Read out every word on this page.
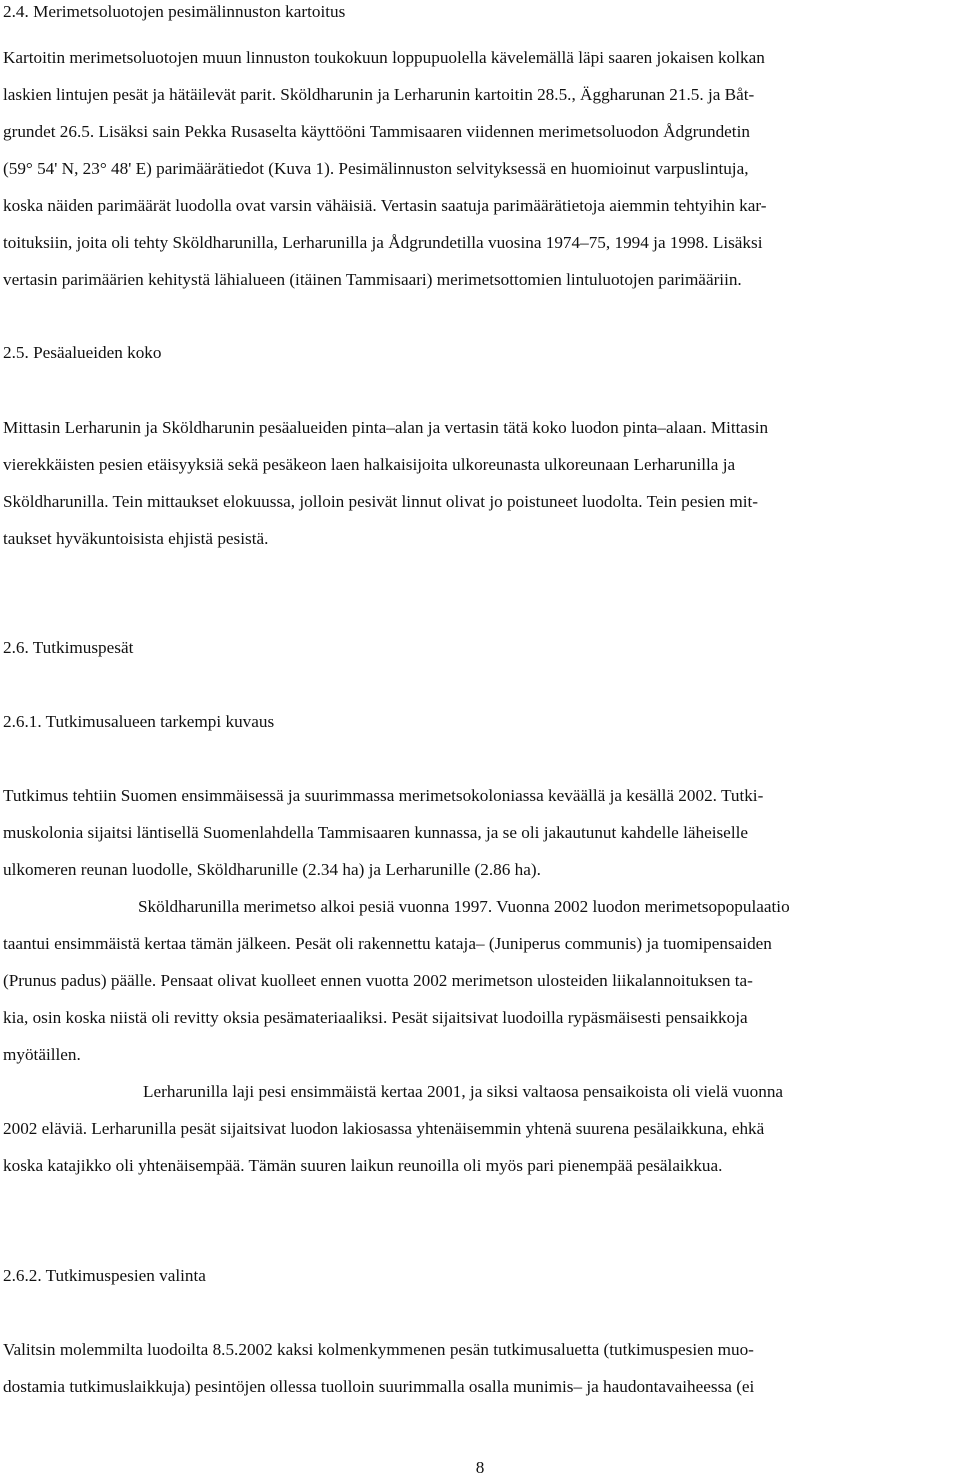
2.4. Merimetsoluotojen pesimälinnuston kartoitus
Kartoitin merimetsoluotojen muun linnuston toukokuun loppupuolella kävelemällä läpi saaren jokaisen kolkan
laskien lintujen pesät ja hätäilevät parit. Sköldharunin ja Lerharunin kartoitin 28.5., Äggharunan 21.5. ja Båt-
grundet 26.5. Lisäksi sain Pekka Rusaselta käyttööni Tammisaaren viidennen merimetsoluodon Ådgrundetin
(59° 54' N, 23° 48' E) parimäärätiedot (Kuva 1). Pesimälinnuston selvityksessä en huomioinut varpuslintuja,
koska näiden parimäärät luodolla ovat varsin vähäisiä. Vertasin saatuja parimäärätietoja aiemmin tehtyihin kar-
toituksiin, joita oli tehty Sköldharunilla, Lerharunilla ja Ådgrundetilla vuosina 1974–75, 1994 ja 1998. Lisäksi
vertasin parimäärien kehitystä lähialueen (itäinen Tammisaari) merimetsottomien lintuluotojen parimääriin.
2.5. Pesäalueiden koko
Mittasin Lerharunin ja Sköldharunin pesäalueiden pinta–alan ja vertasin tätä koko luodon pinta–alaan. Mittasin
vierekkäisten pesien etäisyyksiä sekä pesäkeon laen halkaisijoita ulkoreunasta ulkoreunaan Lerharunilla ja
Sköldharunilla. Tein mittaukset elokuussa, jolloin pesivät linnut olivat jo poistuneet luodolta. Tein pesien mit-
taukset hyväkuntoisista ehjistä pesistä.
2.6. Tutkimuspesät
2.6.1. Tutkimusalueen tarkempi kuvaus
Tutkimus tehtiin Suomen ensimmäisessä ja suurimmassa merimetsokoloniassa keväällä ja kesällä 2002. Tutki-
muskolonia sijaitsi läntisellä Suomenlahdella Tammisaaren kunnassa, ja se oli jakautunut kahdelle läheiselle
ulkomeren reunan luodolle, Sköldharunille (2.34 ha) ja Lerharunille (2.86 ha).
Sköldharunilla merimetso alkoi pesiä vuonna 1997. Vuonna 2002 luodon merimetsopopulaatio
taantui ensimmäistä kertaa tämän jälkeen. Pesät oli rakennettu kataja– (Juniperus communis) ja tuomipensaiden
(Prunus padus) päälle. Pensaat olivat kuolleet ennen vuotta 2002 merimetson ulosteiden liikalannoituksen ta-
kia, osin koska niistä oli revitty oksia pesämateriaaliksi. Pesät sijaitsivat luodoilla rypäsmäisesti pensaikkoja
myötäillen.
Lerharunilla laji pesi ensimmäistä kertaa 2001, ja siksi valtaosa pensaikoista oli vielä vuonna
2002 eläviä. Lerharunilla pesät sijaitsivat luodon lakiosassa yhtenäisemmin yhtenä suurena pesälaikkuna, ehkä
koska katajikko oli yhtenäisempää. Tämän suuren laikun reunoilla oli myös pari pienempää pesälaikkua.
2.6.2. Tutkimuspesien valinta
Valitsin molemmilta luodoilta 8.5.2002 kaksi kolmenkymmenen pesän tutkimusaluetta (tutkimuspesien muo-
dostamia tutkimuslaikkuja) pesintöjen ollessa tuolloin suurimmalla osalla munimis– ja haudontavaiheessa (ei
8
